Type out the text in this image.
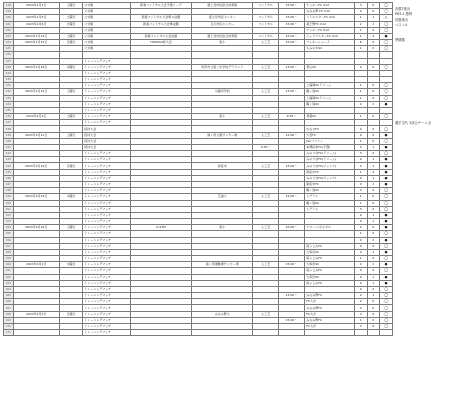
118	2023年1月4日	土曜日	公式戦	新春フットサル大会予選リーグ	富士見市民総合体育館	フットサル	15:00〜	ヤッホーFC U12	3	0	◯
119			公式戦					みなみ野 FC U12	4	0	◯
120	2023年1月5日	土曜日	公式戦	新春フットサル大会準々決勝	富士見市民センター	フットサル	15:00〜	リトルスターFC U12	1	1	△
121	2023年1月6日	日曜日	公式戦	新春フットサル大会準決勝	石川市民センター	フットサル	15:00〜	竜王野FC U12	2	1	◯
122			公式戦					ヤッホーFC U12	1	0	◯
123	2023年1月14日	土曜日	公式戦	新春フットサル大会決勝	富士見市民総合体育館	フットサル	15:00〜	シャドウスターFC U12	1	2	●
124	2023年1月15日	日曜日	公式戦	TOMASU杯大会	東小	人工芝	15:00〜	ワッキーシャーク	6	0	◯
125			公式戦					もみの木SC	1	0	◯
126											
127			トレーニングマッチ								
128	2023年1月18日	水曜日	トレーニングマッチ		所沢市立第二中学校グラウンド	人工芝	13:00〜	青山SC	4	0	◯
129			トレーニングマッチ								
130			トレーニングマッチ								
131			トレーニングマッチ					上福岡SCドリーム	1	0	◯
132	2023年1月21日	土曜日	トレーニングマッチ		川越市学校	人工芝	13:00〜	鶴ヶ島SC	1	0	◯
133			トレーニングマッチ					上福岡SCドリーム	1	0	◯
134			トレーニングマッチ					鶴ヶ島SC	0	2	●
135			トレーニングマッチ								
136	2023年2月4日	土曜日	トレーニングマッチ		東小	人工芝	9:30〜	青葉SC	1	0	◯
137			トレーニングマッチ								
138			招待大会					ななせFC	0	0	◯
139	2023年2月11日	土曜日	招待大会		滝ヶ原公園サッカー場	人工芝	12:00〜	大宮FC	0	5	●
140			招待大会					JSCコバトン	1	0	◯
141			招待大会			9:30〜		本郷鈴和FC(予選)	3	1	●
142			トレーニングマッチ					みのり台FC(ドリーム)	3	0	◯
143			トレーニングマッチ					みのり台FC(ドリーム)	0	1	●
144	2023年2月19日	日曜日	トレーニングマッチ		新座市	人工芝	13:00〜	みのり台FC(ジュニア)	0	1	●
145			トレーニングマッチ					新座中FC	1	2	●
146			トレーニングマッチ					みのり台FC(ジュニア)	0	1	●
147			トレーニングマッチ					新座中FC	0	1	●
148			トレーニングマッチ					鶴ヶ島SC	3	0	◯
149	2023年2月23日	木曜日	トレーニングマッチ		芝浦小	人工芝	14:00〜	ヒグラシ	1	0	◯
150			トレーニングマッチ					鶴ヶ島SC	1	0	◯
151			トレーニングマッチ					ヒグラシ	3	0	◯
152			トレーニングマッチ						0	1	●
153			トレーニングマッチ						4	1	●
154	2023年2月25日	土曜日	トレーニングマッチ	U-9TM	東小	人工芝	10:00〜	アローバ,元ホタル	2	0	●
155			トレーニングマッチ						1	0	◯
156			トレーニングマッチ						0	2	●
157			トレーニングマッチ					南ふじみFC	0	0	◯
158			トレーニングマッチ					大和田SC	0	1	●
159			トレーニングマッチ					南ふじみFC	1	0	◯
160	2023年3月2日	木曜日	トレーニングマッチ		滝ヶ原運動場サッカー場	人工芝	15:00〜	大和田SC	0	1	●
161			トレーニングマッチ					南ふじみFC	0	0	◯
162			トレーニングマッチ					大和田SC	0	1	●
163			トレーニングマッチ					南ふじみFC	0	1	●
164			トレーニングマッチ						0	0	◯
165			トレーニングマッチ				13:00〜	みなみ野FC	2	1	◯
166			トレーニングマッチ					FC大井	2	0	◯
167			トレーニングマッチ					みなみ野FC	3	0	◯
168	2023年3月5日	日曜日	トレーニングマッチ		みなみ野小	人工芝		FC大井	3	0	◯
169			トレーニングマッチ				15:00〜	みなみ野FC	1	0	◯
170			トレーニングマッチ					FC大井	3	0	◯
171			トレーニングマッチ								
決勝T進出
PK3-2 勝利
決勝進出
ベスト4
準優勝
選手交代 5試合チーム全
